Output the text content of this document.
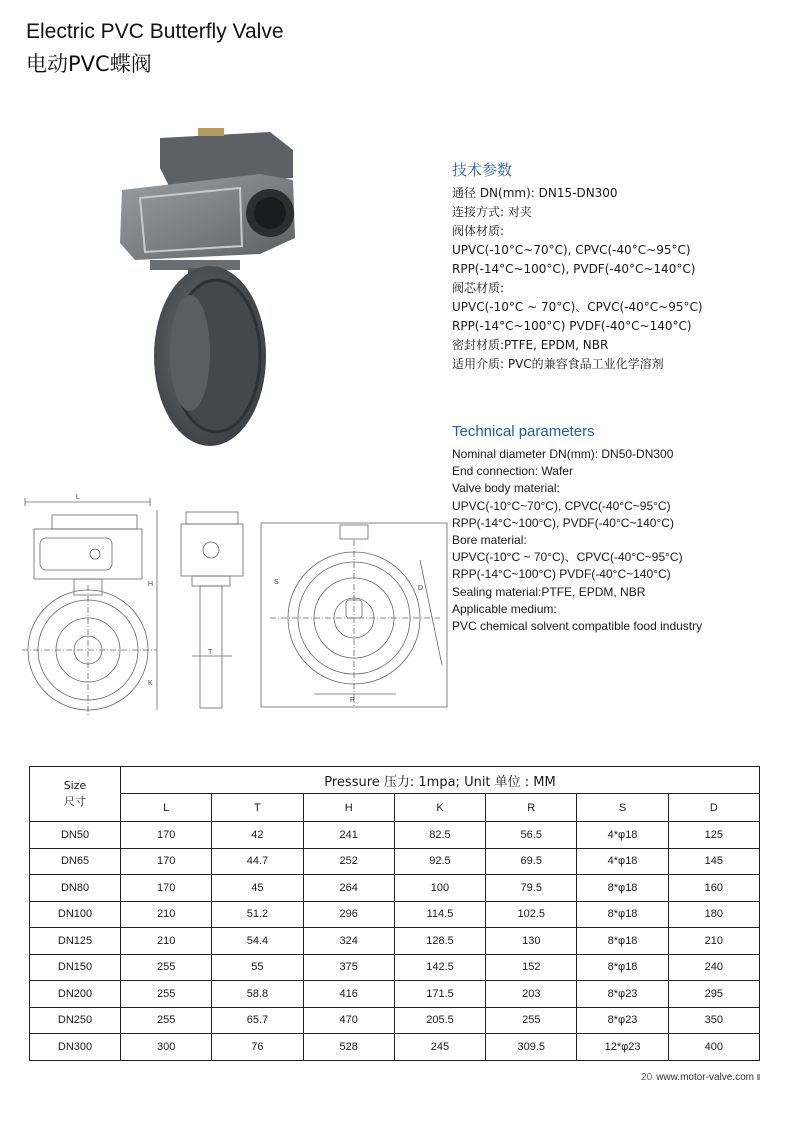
Electric PVC Butterfly Valve
电动PVC蝶阀
技术参数
通径 DN(mm): DN15-DN300
连接方式: 对夹
阀体材质:
UPVC(-10°C~70°C), CPVC(-40°C~95°C)
RPP(-14°C~100°C), PVDF(-40°C~140°C)
阀芯材质:
UPVC(-10°C ~ 70°C)、CPVC(-40°C~95°C)
RPP(-14°C~100°C) PVDF(-40°C~140°C)
密封材质:PTFE, EPDM, NBR
适用介质: PVC的兼容食品工业化学溶剂
Technical parameters
Nominal diameter DN(mm): DN50-DN300
End connection: Wafer
Valve body material:
UPVC(-10°C~70°C), CPVC(-40°C~95°C)
RPP(-14°C~100°C), PVDF(-40°C~140°C)
Bore material:
UPVC(-10°C ~ 70°C)、CPVC(-40°C~95°C)
RPP(-14°C~100°C) PVDF(-40°C~140°C)
Sealing material:PTFE, EPDM, NBR
Applicable medium:
PVC chemical solvent compatible food industry
L
H
K
T
R
D
S
Size
尺寸	Pressure 压力: 1mpa; Unit 单位 : MM						
	L	T	H	K	R	S	D
DN50	170	42	241	82.5	56.5	4*φ18	125
DN65	170	44.7	252	92.5	69.5	4*φ18	145
DN80	170	45	264	100	79.5	8*φ18	160
DN100	210	51.2	296	114.5	102.5	8*φ18	180
DN125	210	54.4	324	128.5	130	8*φ18	210
DN150	255	55	375	142.5	152	8*φ18	240
DN200	255	58.8	416	171.5	203	8*φ23	295
DN250	255	65.7	470	205.5	255	8*φ23	350
DN300	300	76	528	245	309.5	12*φ23	400
20 www.motor-valve.com
